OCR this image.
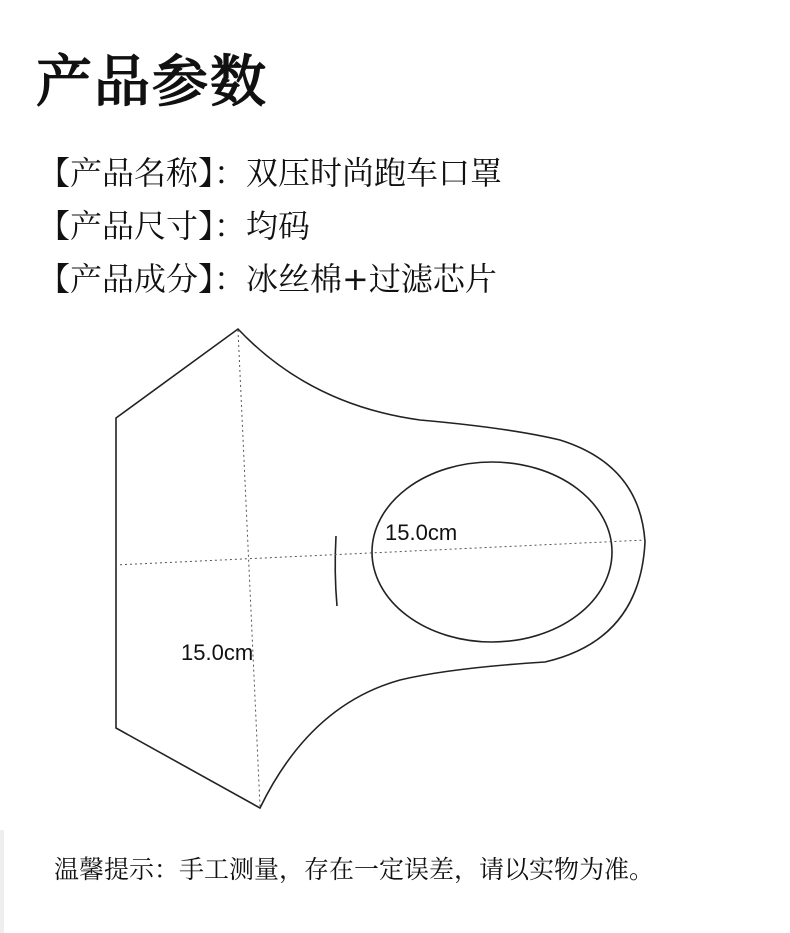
产品参数
【产品名称】：双压时尚跑车口罩
【产品尺寸】：均码
【产品成分】：冰丝棉+过滤芯片
15.0cm
15.0cm
温馨提示：手工测量，存在一定误差，请以实物为准。
